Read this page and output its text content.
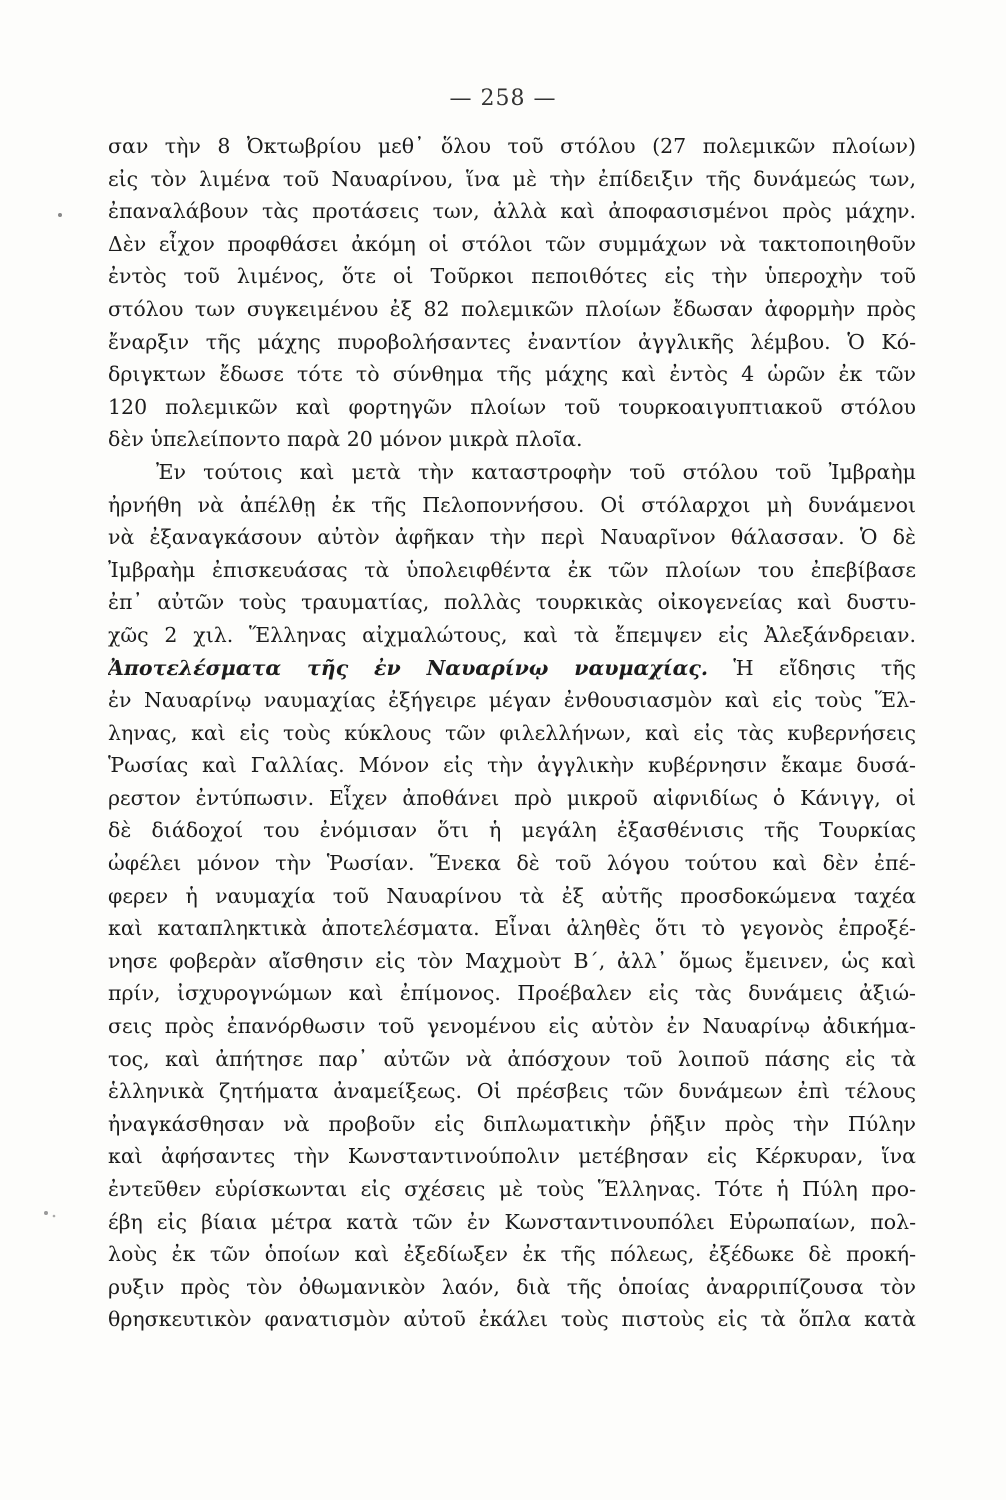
— 258 —
σαν τὴν 8 Ὀκτωβρίου μεθ᾽ ὅλου τοῦ στόλου (27 πολεμικῶν πλοίων)
εἰς τὸν λιμένα τοῦ Ναυαρίνου, ἵνα μὲ τὴν ἐπίδειξιν τῆς δυνάμεώς των,
ἐπαναλάβουν τὰς προτάσεις των, ἀλλὰ καὶ ἀποφασισμένοι πρὸς μάχην.
Δὲν εἶχον προφθάσει ἀκόμη οἱ στόλοι τῶν συμμάχων νὰ τακτοποιηθοῦν
ἐντὸς τοῦ λιμένος, ὅτε οἱ Τοῦρκοι πεποιθότες εἰς τὴν ὑπεροχὴν τοῦ
στόλου των συγκειμένου ἐξ 82 πολεμικῶν πλοίων ἔδωσαν ἀφορμὴν πρὸς
ἔναρξιν τῆς μάχης πυροβολήσαντες ἐναντίον ἀγγλικῆς λέμβου. Ὁ Κό-
δριγκτων ἔδωσε τότε τὸ σύνθημα τῆς μάχης καὶ ἐντὸς 4 ὡρῶν ἐκ τῶν
120 πολεμικῶν καὶ φορτηγῶν πλοίων τοῦ τουρκοαιγυπτιακοῦ στόλου
δὲν ὑπελείποντο παρὰ 20 μόνον μικρὰ πλοῖα.
Ἐν τούτοις καὶ μετὰ τὴν καταστροφὴν τοῦ στόλου τοῦ Ἰμβραὴμ
ἠρνήθη νὰ ἀπέλθῃ ἐκ τῆς Πελοποννήσου. Οἱ στόλαρχοι μὴ δυνάμενοι
νὰ ἐξαναγκάσουν αὐτὸν ἀφῆκαν τὴν περὶ Ναυαρῖνον θάλασσαν. Ὁ δὲ
Ἰμβραὴμ ἐπισκευάσας τὰ ὑπολειφθέντα ἐκ τῶν πλοίων του ἐπεβίβασε
ἐπ᾽ αὐτῶν τοὺς τραυματίας, πολλὰς τουρκικὰς οἰκογενείας καὶ δυστυ-
χῶς 2 χιλ. Ἕλληνας αἰχμαλώτους, καὶ τὰ ἔπεμψεν εἰς Ἀλεξάνδρειαν.
Ἀποτελέσματα τῆς ἐν Ναυαρίνῳ ναυμαχίας. Ἡ εἴδησις τῆς
ἐν Ναυαρίνῳ ναυμαχίας ἐξήγειρε μέγαν ἐνθουσιασμὸν καὶ εἰς τοὺς Ἕλ-
ληνας, καὶ εἰς τοὺς κύκλους τῶν φιλελλήνων, καὶ εἰς τὰς κυβερνήσεις
Ῥωσίας καὶ Γαλλίας. Μόνον εἰς τὴν ἀγγλικὴν κυβέρνησιν ἔκαμε δυσά-
ρεστον ἐντύπωσιν. Εἶχεν ἀποθάνει πρὸ μικροῦ αἰφνιδίως ὁ Κάνιγγ, οἱ
δὲ διάδοχοί του ἐνόμισαν ὅτι ἡ μεγάλη ἐξασθένισις τῆς Τουρκίας
ὠφέλει μόνον τὴν Ῥωσίαν. Ἕνεκα δὲ τοῦ λόγου τούτου καὶ δὲν ἐπέ-
φερεν ἡ ναυμαχία τοῦ Ναυαρίνου τὰ ἐξ αὐτῆς προσδοκώμενα ταχέα
καὶ καταπληκτικὰ ἀποτελέσματα. Εἶναι ἀληθὲς ὅτι τὸ γεγονὸς ἐπροξέ-
νησε φοβερὰν αἴσθησιν εἰς τὸν Μαχμοὺτ Β΄, ἀλλ᾽ ὅμως ἔμεινεν, ὡς καὶ
πρίν, ἰσχυρογνώμων καὶ ἐπίμονος. Προέβαλεν εἰς τὰς δυνάμεις ἀξιώ-
σεις πρὸς ἐπανόρθωσιν τοῦ γενομένου εἰς αὐτὸν ἐν Ναυαρίνῳ ἀδικήμα-
τος, καὶ ἀπήτησε παρ᾽ αὐτῶν νὰ ἀπόσχουν τοῦ λοιποῦ πάσης εἰς τὰ
ἑλληνικὰ ζητήματα ἀναμείξεως. Οἱ πρέσβεις τῶν δυνάμεων ἐπὶ τέλους
ἠναγκάσθησαν νὰ προβοῦν εἰς διπλωματικὴν ῥῆξιν πρὸς τὴν Πύλην
καὶ ἀφήσαντες τὴν Κωνσταντινούπολιν μετέβησαν εἰς Κέρκυραν, ἵνα
ἐντεῦθεν εὑρίσκωνται εἰς σχέσεις μὲ τοὺς Ἕλληνας. Τότε ἡ Πύλη προ-
έβη εἰς βίαια μέτρα κατὰ τῶν ἐν Κωνσταντινουπόλει Εὐρωπαίων, πολ-
λοὺς ἐκ τῶν ὁποίων καὶ ἐξεδίωξεν ἐκ τῆς πόλεως, ἐξέδωκε δὲ προκή-
ρυξιν πρὸς τὸν ὀθωμανικὸν λαόν, διὰ τῆς ὁποίας ἀναρριπίζουσα τὸν
θρησκευτικὸν φανατισμὸν αὐτοῦ ἐκάλει τοὺς πιστοὺς εἰς τὰ ὅπλα κατὰ
